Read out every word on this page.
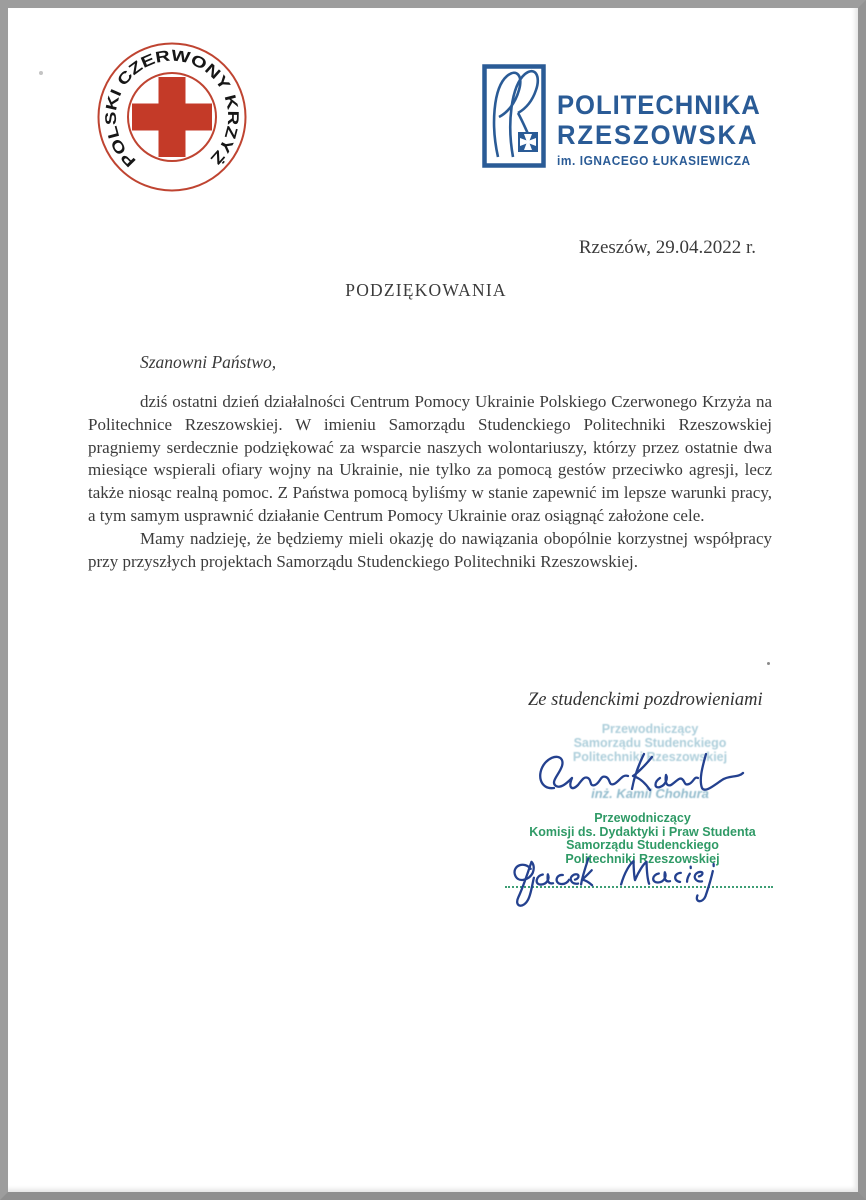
POLSKI CZERWONY KRZYŻ
POLITECHNIKA
RZESZOWSKA
im. IGNACEGO ŁUKASIEWICZA
Rzeszów, 29.04.2022 r.
PODZIĘKOWANIA
Szanowni Państwo,

dziś ostatni dzień działalności Centrum Pomocy Ukrainie Polskiego Czerwonego Krzyża na Politechnice Rzeszowskiej. W imieniu Samorządu Studenckiego Politechniki Rzeszowskiej pragniemy serdecznie podziękować za wsparcie naszych wolontariuszy, którzy przez ostatnie dwa miesiące wspierali ofiary wojny na Ukrainie, nie tylko za pomocą gestów przeciwko agresji, lecz także niosąc realną pomoc. Z Państwa pomocą byliśmy w stanie zapewnić im lepsze warunki pracy, a tym samym usprawnić działanie Centrum Pomocy Ukrainie oraz osiągnąć założone cele.

Mamy nadzieję, że będziemy mieli okazję do nawiązania obopólnie korzystnej współpracy przy przyszłych projektach Samorządu Studenckiego Politechniki Rzeszowskiej.

Ze studenckimi pozdrowieniami
Przewodniczący
Samorządu Studenckiego
Politechniki Rzeszowskiej
inż. Kamil Chohura
Przewodniczący
Komisji ds. Dydaktyki i Praw Studenta
Samorządu Studenckiego
Politechniki Rzeszowskiej
